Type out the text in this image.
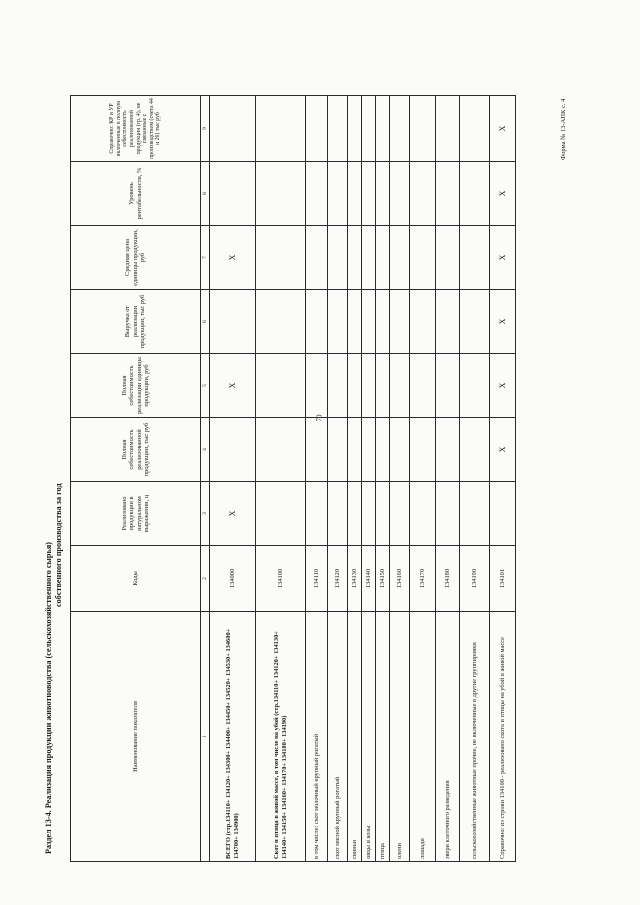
70
Форма № 13-АПК с. 4
Раздел 13-4. Реализация продукции животноводства (сельскохозяйственного сырья) собственного производства за год
Наименование показателя	Коды	Реализовано продукции в натуральном выражении, ц	Полная себестоимость реализованной продукции, тыс руб	Полная себестоимость реализации единицы продукции, руб	Выручка от реализации продукции, тыс руб	Средняя цена единицы продукции, руб	Уровень рентабельности, %	Справочно: КР и УР включенные в полную себестоимость реализованной продукции (гр. 4), не связанные с производством (счета 44 и 26) тыс руб
1	2	3	4	5	6	7	8	9
ВСЕГО (стр.134110+ 134120+ 134300+ 134400+ 134450+ 134520+ 134530+ 134600+ 134700+ 134900)	134000	X		X		X		
Скот и птица в живой массе, в том числе на убой (стр.134110+ 134120+ 134130+ 134140+ 134150+ 134160+ 134170+ 134180+ 134190)	134100							
в том числе: скот молочный крупный рогатый	134110							
скот мясной крупный рогатый	134120							
свиньи	134130							
овцы и козы	134140							
птица	134150							
олени	134160							
лошади	134170							
звери клеточного разведения	134180							
сельскохозяйственные животные прочие, не включенные в другие группировки	134190							
Справочно: из строки 134100 - реализовано скота и птицы на убой в живой массе	134101		X	X	X	X	X	X
